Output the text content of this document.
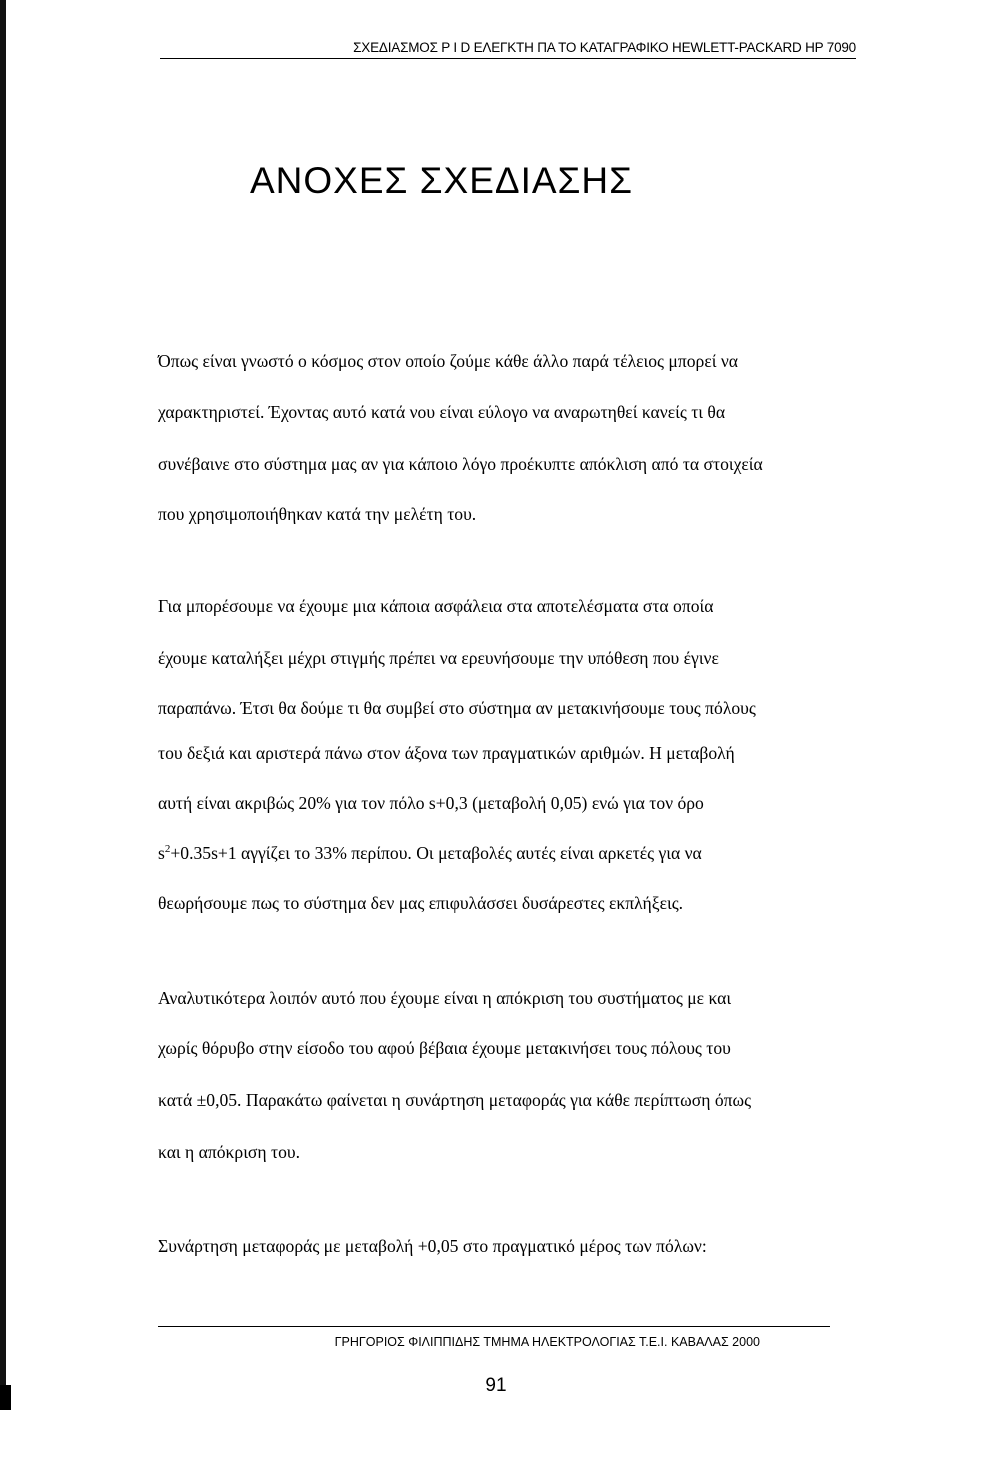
ΣΧΕΔΙΑΣΜΟΣ P I D ΕΛΕΓΚΤΗ ΠΑ ΤΟ ΚΑΤΑΓΡΑΦΙΚΟ HEWLETT-PACKARD HP 7090
ΑΝΟΧΕΣ ΣΧΕΔΙΑΣΗΣ
Όπως είναι γνωστό ο κόσμος στον οποίο ζούμε κάθε άλλο παρά τέλειος μπορεί να
χαρακτηριστεί. Έχοντας αυτό κατά νου είναι εύλογο να αναρωτηθεί κανείς τι θα
συνέβαινε στο σύστημα μας αν για κάποιο λόγο προέκυπτε απόκλιση από τα στοιχεία
που χρησιμοποιήθηκαν κατά την μελέτη του.
Για μπορέσουμε να έχουμε μια κάποια ασφάλεια στα αποτελέσματα στα οποία
έχουμε καταλήξει μέχρι στιγμής πρέπει να ερευνήσουμε την υπόθεση που έγινε
παραπάνω. Έτσι θα δούμε τι θα συμβεί στο σύστημα αν μετακινήσουμε τους πόλους
του δεξιά και αριστερά πάνω στον άξονα των πραγματικών αριθμών. Η μεταβολή
αυτή είναι ακριβώς 20% για τον πόλο s+0,3 (μεταβολή 0,05) ενώ για τον όρο
$s^2+0.35s+1$ αγγίζει το 33% περίπου. Οι μεταβολές αυτές είναι αρκετές για να
θεωρήσουμε πως το σύστημα δεν μας επιφυλάσσει δυσάρεστες εκπλήξεις.
Αναλυτικότερα λοιπόν αυτό που έχουμε είναι η απόκριση του συστήματος με και
χωρίς θόρυβο στην είσοδο του αφού βέβαια έχουμε μετακινήσει τους πόλους του
κατά ±0,05. Παρακάτω φαίνεται η συνάρτηση μεταφοράς για κάθε περίπτωση όπως
και η απόκριση του.
Συνάρτηση μεταφοράς με μεταβολή +0,05 στο πραγματικό μέρος των πόλων:
ΓΡΗΓΟΡΙΟΣ ΦΙΛΙΠΠΙΔΗΣ ΤΜΗΜΑ ΗΛΕΚΤΡΟΛΟΓΙΑΣ Τ.Ε.Ι. ΚΑΒΑΛΑΣ 2000
91
